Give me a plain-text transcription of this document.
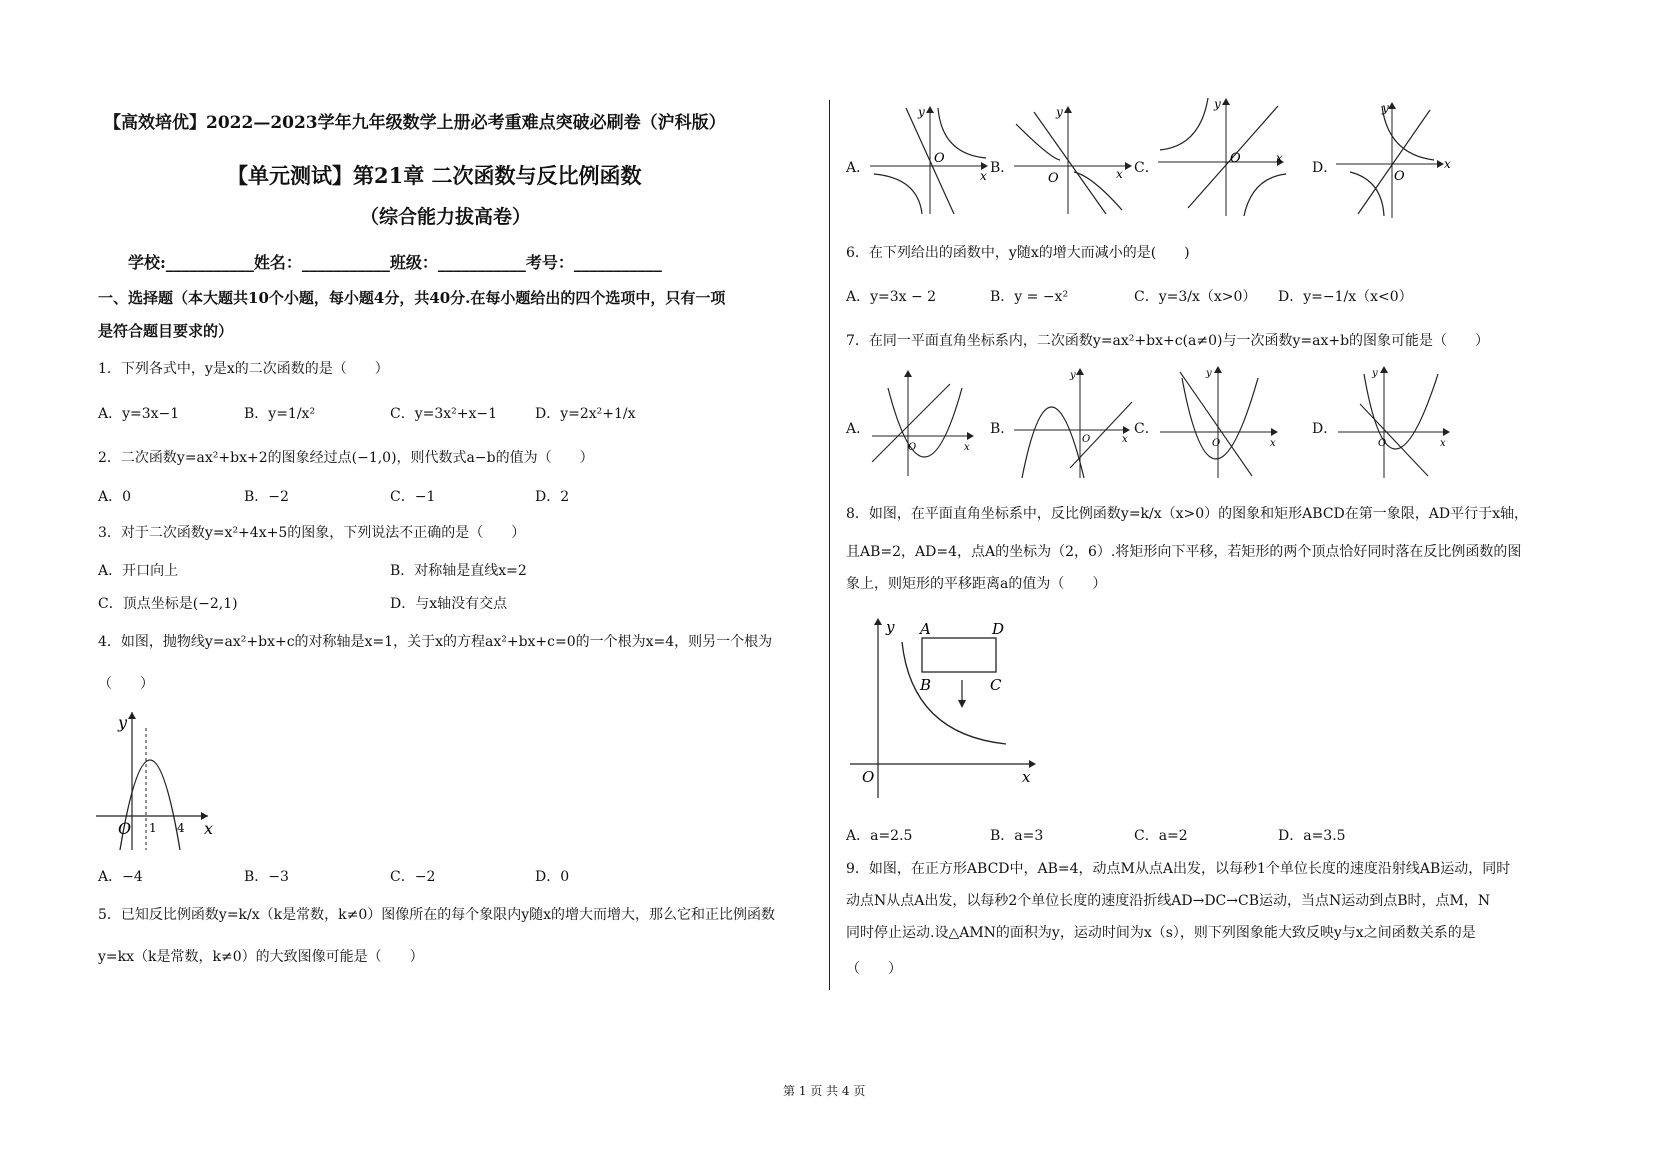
【高效培优】2022—2023学年九年级数学上册必考重难点突破必刷卷（沪科版）
【单元测试】第21章 二次函数与反比例函数
（综合能力拔高卷）
学校:___________姓名：___________班级：___________考号：___________
一、选择题（本大题共10个小题，每小题4分，共40分.在每小题给出的四个选项中，只有一项
是符合题目要求的）
1．下列各式中，y是x的二次函数的是（　　）
A．y=3x−1	B．y=1/x²	C．y=3x²+x−1	D．y=2x²+1/x
2．二次函数y=ax²+bx+2的图象经过点(−1,0)，则代数式a−b的值为（　　）
A．0	B．−2	C．−1	D．2
3．对于二次函数y=x²+4x+5的图象，下列说法不正确的是（　　）
A．开口向上	B．对称轴是直线x=2
C．顶点坐标是(−2,1)	D．与x轴没有交点
4．如图，抛物线y=ax²+bx+c的对称轴是x=1，关于x的方程ax²+bx+c=0的一个根为x=4，则另一个根为
（　　）
y
O 1 4 x
A．−4	B．−3	C．−2	D．0
5．已知反比例函数y=k/x（k是常数，k≠0）图像所在的每个象限内y随x的增大而增大，那么它和正比例函数
y=kx（k是常数，k≠0）的大致图像可能是（　　）
A．
O
x
y
B．
O	x
y
C．
O	x
y
D．
O
x
y
6．在下列给出的函数中，y随x的增大而减小的是(　　)
A．y=3x − 2	B．y = −x²	C．y=3/x（x>0） D．y=−1/x（x<0）
7．在同一平面直角坐标系内，二次函数y=ax²+bx+c(a≠0)与一次函数y=ax+b的图象可能是（　　）
A．
O	x
B．
O	x
y
C．
O	x
y
D．
O	x
y
8．如图，在平面直角坐标系中，反比例函数y=k/x（x>0）的图象和矩形ABCD在第一象限，AD平行于x轴，
且AB=2，AD=4，点A的坐标为（2，6）.将矩形向下平移，若矩形的两个顶点恰好同时落在反比例函数的图
象上，则矩形的平移距离a的值为（　　）
A	D
B	C
y
O	x
A．a=2.5	B．a=3	C．a=2	D．a=3.5
9．如图，在正方形ABCD中，AB=4，动点M从点A出发，以每秒1个单位长度的速度沿射线AB运动，同时
动点N从点A出发，以每秒2个单位长度的速度沿折线AD→DC→CB运动，当点N运动到点B时，点M，N
同时停止运动.设△AMN的面积为y，运动时间为x（s），则下列图象能大致反映y与x之间函数关系的是
（　　）
第 1 页 共 4 页
